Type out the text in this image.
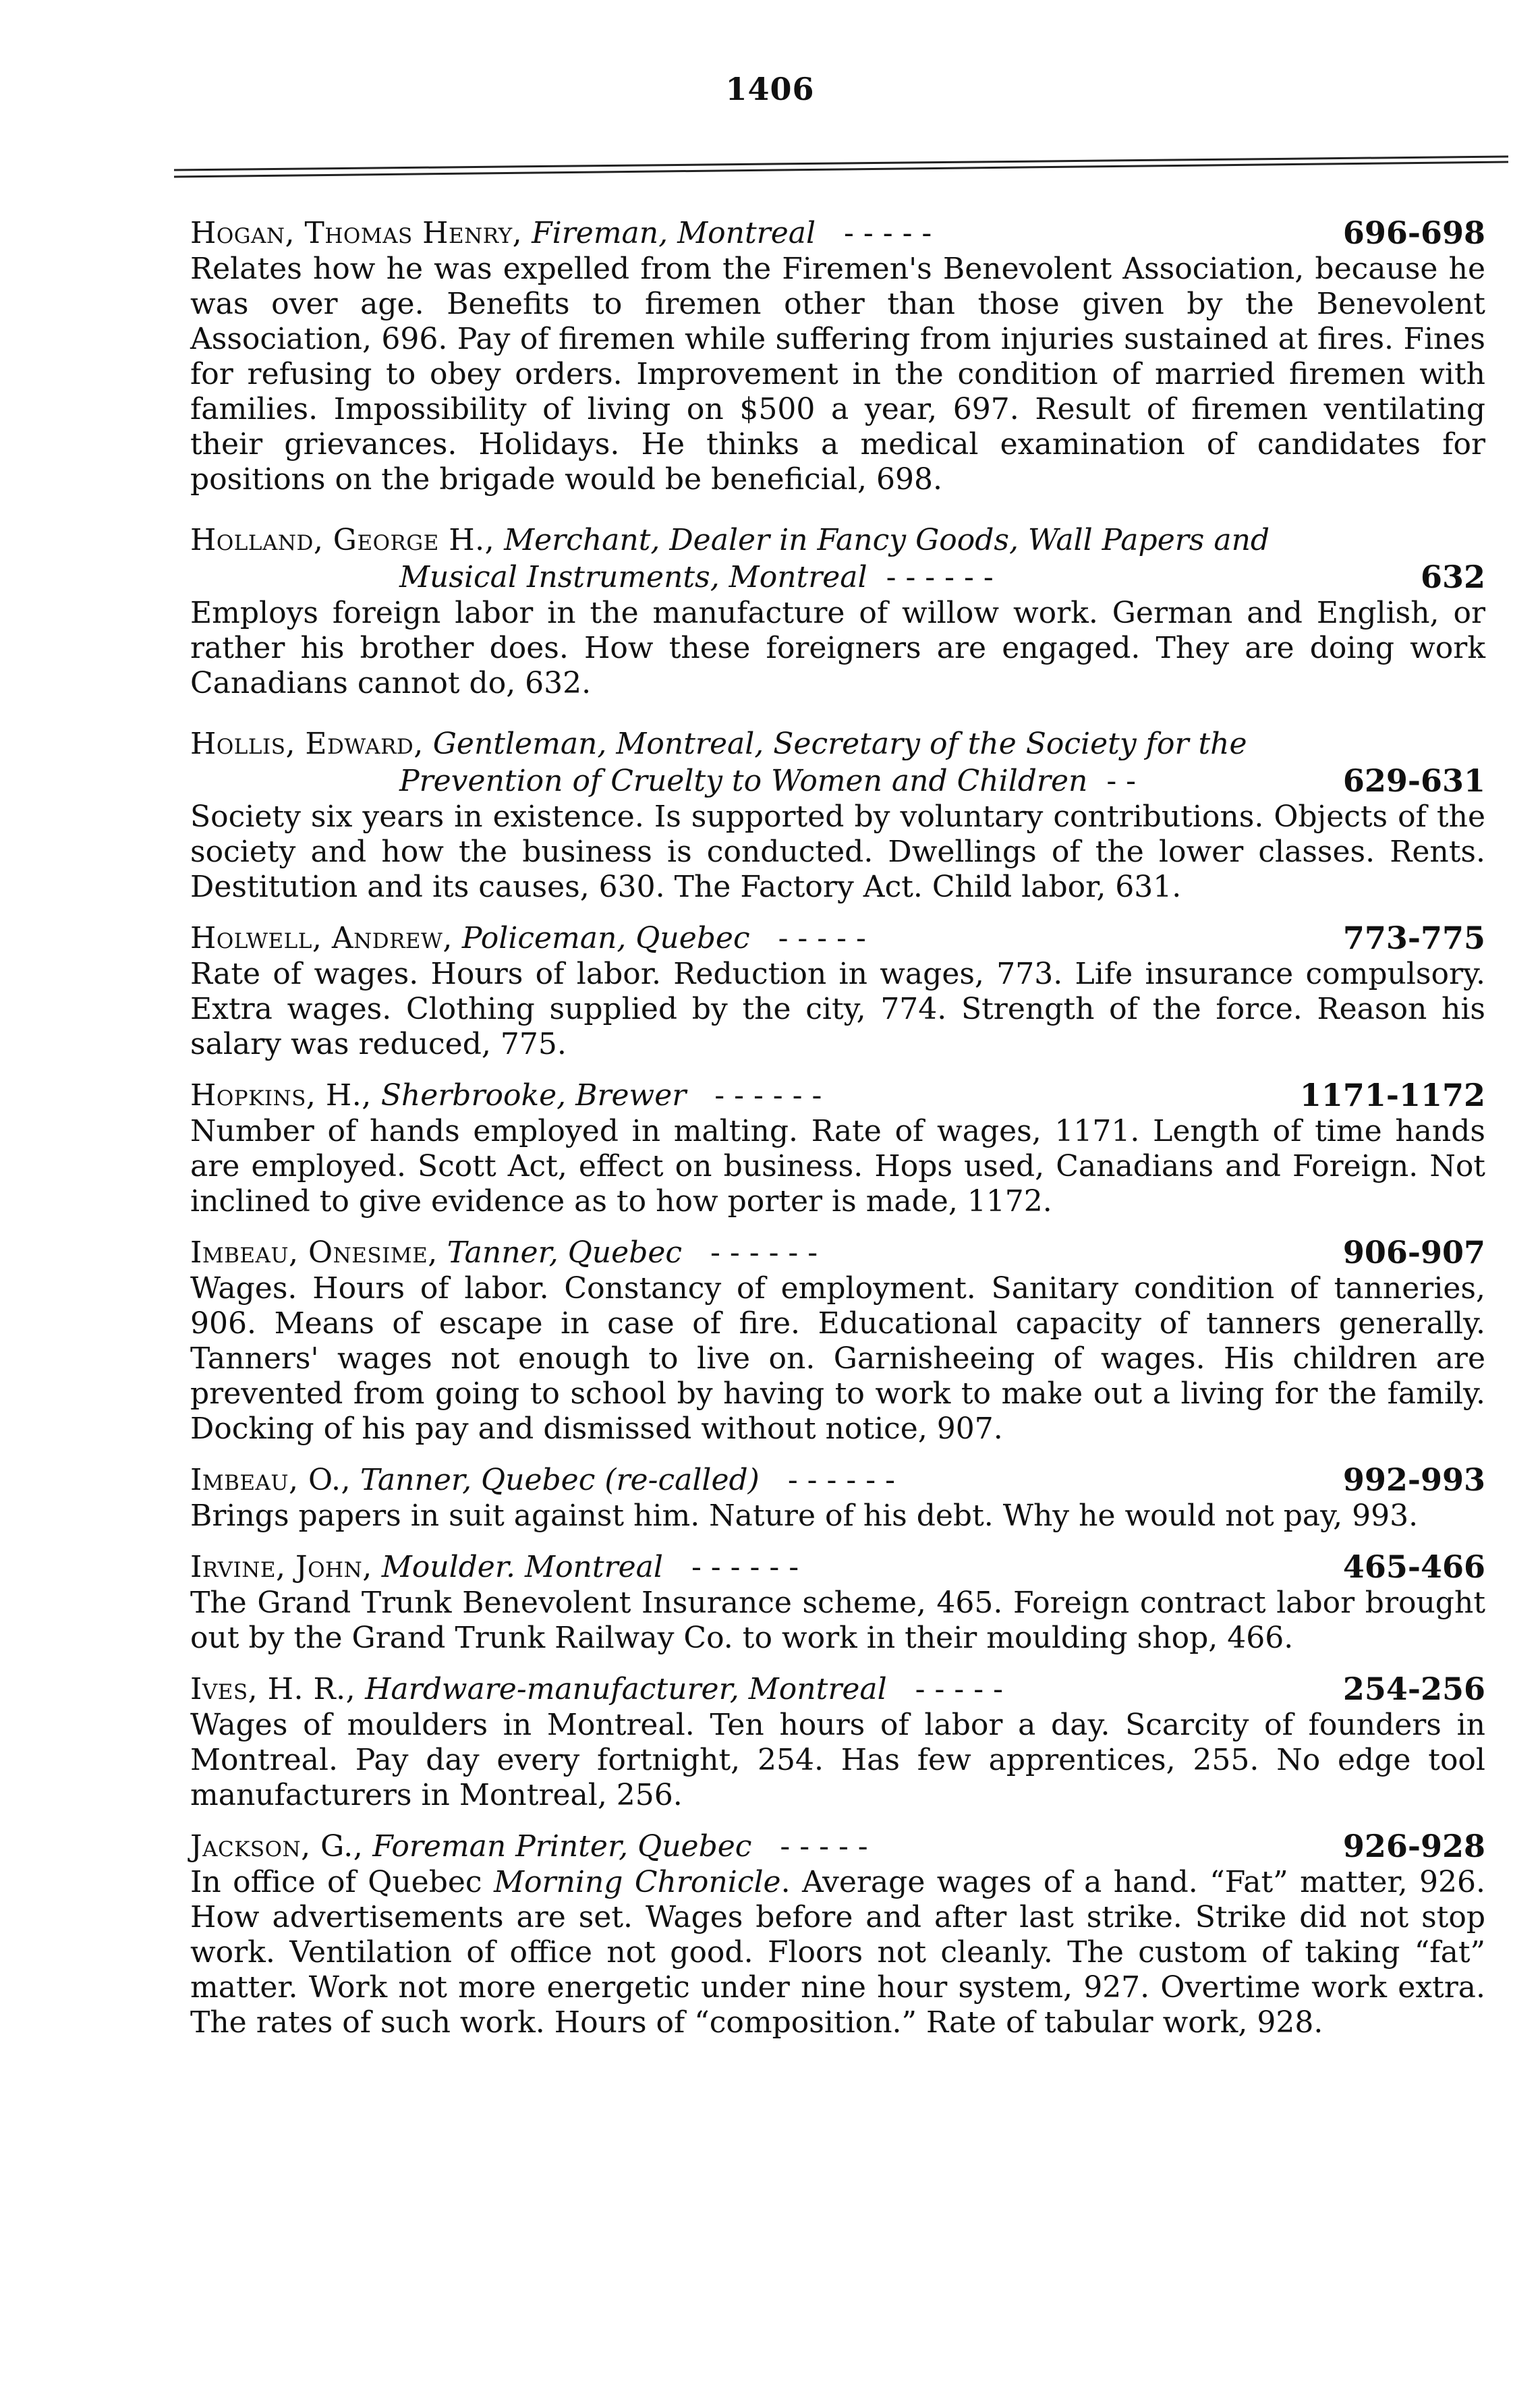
1406
Hogan, Thomas Henry, Fireman, Montreal - - - - -	696-698
Relates how he was expelled from the Firemen's Benevolent Association, because he was over age. Benefits to firemen other than those given by the Benevolent Association, 696. Pay of firemen while suffering from injuries sustained at fires. Fines for refusing to obey orders. Improvement in the condition of married firemen with families. Impossibility of living on $500 a year, 697. Result of firemen ventilating their grievances. Holidays. He thinks a medical examination of candidates for positions on the brigade would be beneficial, 698.
Holland, George H., Merchant, Dealer in Fancy Goods, Wall Papers and
Musical Instruments, Montreal - - - - - -	632
Employs foreign labor in the manufacture of willow work. German and English, or rather his brother does. How these foreigners are engaged. They are doing work Canadians cannot do, 632.
Hollis, Edward, Gentleman, Montreal, Secretary of the Society for the
Prevention of Cruelty to Women and Children - -	629-631
Society six years in existence. Is supported by voluntary contributions. Objects of the society and how the business is conducted. Dwellings of the lower classes. Rents. Destitution and its causes, 630. The Factory Act. Child labor, 631.
Holwell, Andrew, Policeman, Quebec - - - - -	773-775
Rate of wages. Hours of labor. Reduction in wages, 773. Life insurance compulsory. Extra wages. Clothing supplied by the city, 774. Strength of the force. Reason his salary was reduced, 775.
Hopkins, H., Sherbrooke, Brewer - - - - - -	1171-1172
Number of hands employed in malting. Rate of wages, 1171. Length of time hands are employed. Scott Act, effect on business. Hops used, Canadians and Foreign. Not inclined to give evidence as to how porter is made, 1172.
Imbeau, Onesime, Tanner, Quebec - - - - - -	906-907
Wages. Hours of labor. Constancy of employment. Sanitary condition of tanneries, 906. Means of escape in case of fire. Educational capacity of tanners generally. Tanners' wages not enough to live on. Garnisheeing of wages. His children are prevented from going to school by having to work to make out a living for the family. Docking of his pay and dismissed without notice, 907.
Imbeau, O., Tanner, Quebec (re-called) - - - - - -	992-993
Brings papers in suit against him. Nature of his debt. Why he would not pay, 993.
Irvine, John, Moulder. Montreal - - - - - -	465-466
The Grand Trunk Benevolent Insurance scheme, 465. Foreign contract labor brought out by the Grand Trunk Railway Co. to work in their moulding shop, 466.
Ives, H. R., Hardware-manufacturer, Montreal - - - - -	254-256
Wages of moulders in Montreal. Ten hours of labor a day. Scarcity of founders in Montreal. Pay day every fortnight, 254. Has few apprentices, 255. No edge tool manufacturers in Montreal, 256.
Jackson, G., Foreman Printer, Quebec - - - - -	926-928
In office of Quebec Morning Chronicle. Average wages of a hand. “Fat” matter, 926. How advertisements are set. Wages before and after last strike. Strike did not stop work. Ventilation of office not good. Floors not cleanly. The custom of taking “fat” matter. Work not more energetic under nine hour system, 927. Overtime work extra. The rates of such work. Hours of “composition.” Rate of tabular work, 928.
